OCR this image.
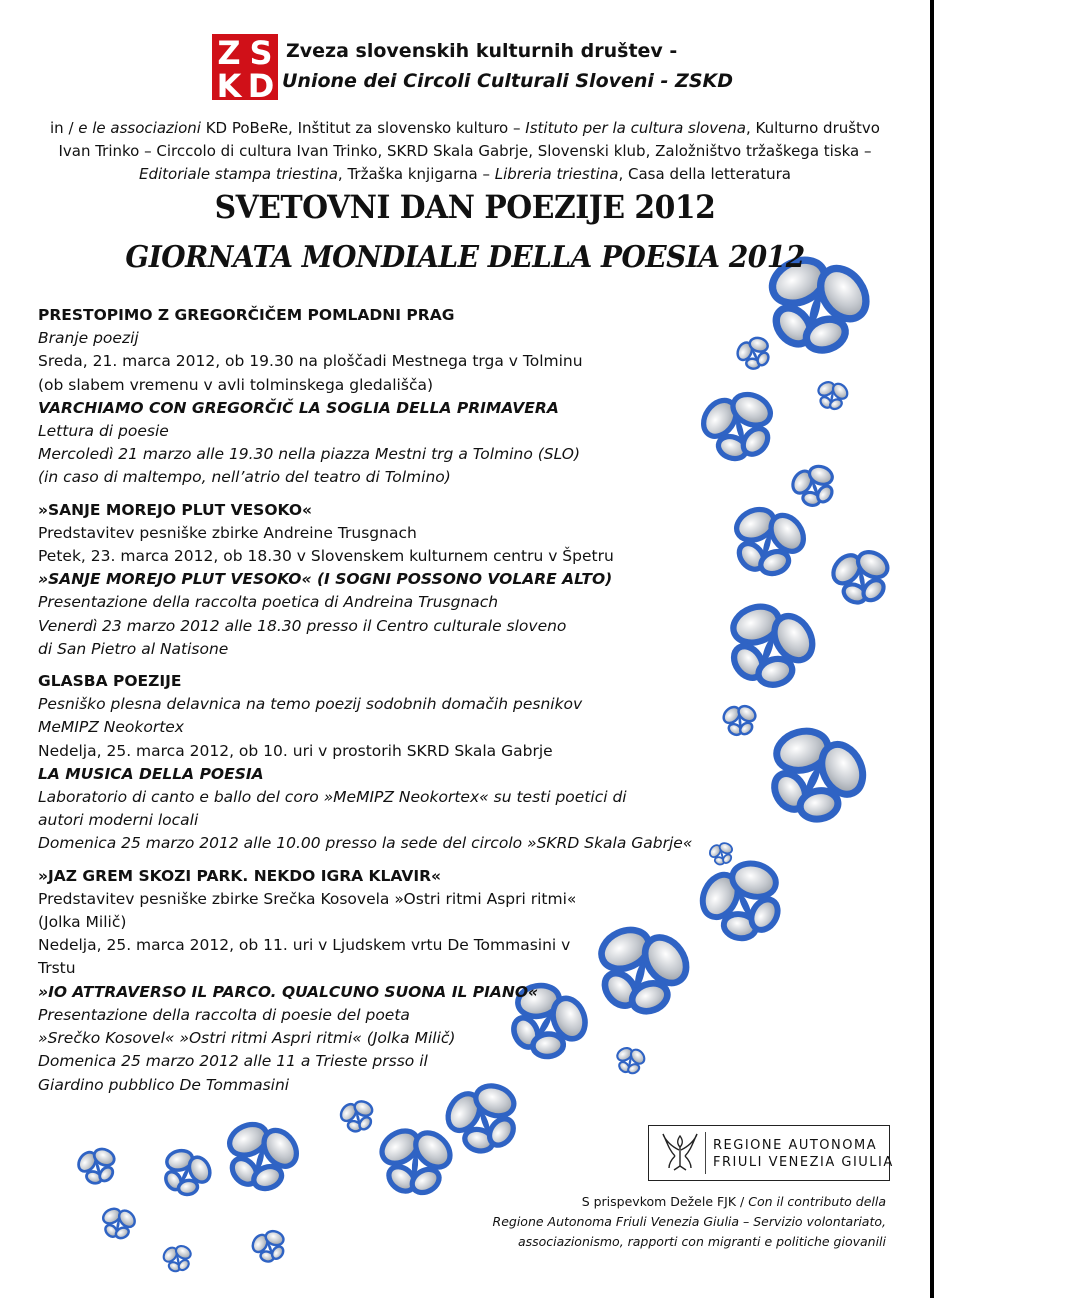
Z S
K D
Zveza slovenskih kulturnih društev -
Unione dei Circoli Culturali Sloveni - ZSKD
in / e le associazioni KD PoBeRe, Inštitut za slovensko kulturo – Istituto per la cultura slovena, Kulturno društvo
Ivan Trinko – Circcolo di cultura Ivan Trinko, SKRD Skala Gabrje, Slovenski klub, Založništvo tržaškega tiska –
Editoriale stampa triestina, Tržaška knjigarna – Libreria triestina, Casa della letteratura
SVETOVNI DAN POEZIJE 2012
GIORNATA MONDIALE DELLA POESIA 2012
PRESTOPIMO Z GREGORČIČEM POMLADNI PRAG
Branje poezij
Sreda, 21. marca 2012, ob 19.30 na ploščadi Mestnega trga v Tolminu
(ob slabem vremenu v avli tolminskega gledališča)
VARCHIAMO CON GREGORČIČ LA SOGLIA DELLA PRIMAVERA
Lettura di poesie
Mercoledì 21 marzo alle 19.30 nella piazza Mestni trg a Tolmino (SLO)
(in caso di maltempo, nell’atrio del teatro di Tolmino)
»SANJE MOREJO PLUT VESOKO«
Predstavitev pesniške zbirke Andreine Trusgnach
Petek, 23. marca 2012, ob 18.30 v Slovenskem kulturnem centru v Špetru
»SANJE MOREJO PLUT VESOKO« (I SOGNI POSSONO VOLARE ALTO)
Presentazione della raccolta poetica di Andreina Trusgnach
Venerdì 23 marzo 2012 alle 18.30 presso il Centro culturale sloveno
di San Pietro al Natisone
GLASBA POEZIJE
Pesniško plesna delavnica na temo poezij sodobnih domačih pesnikov
MeMIPZ Neokortex
Nedelja, 25. marca 2012, ob 10. uri v prostorih SKRD Skala Gabrje
LA MUSICA DELLA POESIA
Laboratorio di canto e ballo del coro »MeMIPZ Neokortex« su testi poetici di
autori moderni locali
Domenica 25 marzo 2012 alle 10.00 presso la sede del circolo »SKRD Skala Gabrje«
»JAZ GREM SKOZI PARK. NEKDO IGRA KLAVIR«
Predstavitev pesniške zbirke Srečka Kosovela »Ostri ritmi Aspri ritmi«
(Jolka Milič)
Nedelja, 25. marca 2012, ob 11. uri v Ljudskem vrtu De Tommasini v
Trstu
»IO ATTRAVERSO IL PARCO. QUALCUNO SUONA IL PIANO«
Presentazione della raccolta di poesie del poeta
»Srečko Kosovel« »Ostri ritmi Aspri ritmi« (Jolka Milič)
Domenica 25 marzo 2012 alle 11 a Trieste prsso il
Giardino pubblico De Tommasini
REGIONE AUTONOMA
FRIULI VENEZIA GIULIA
S prispevkom Dežele FJK / Con il contributo della
Regione Autonoma Friuli Venezia Giulia – Servizio volontariato,
associazionismo, rapporti con migranti e politiche giovanili
